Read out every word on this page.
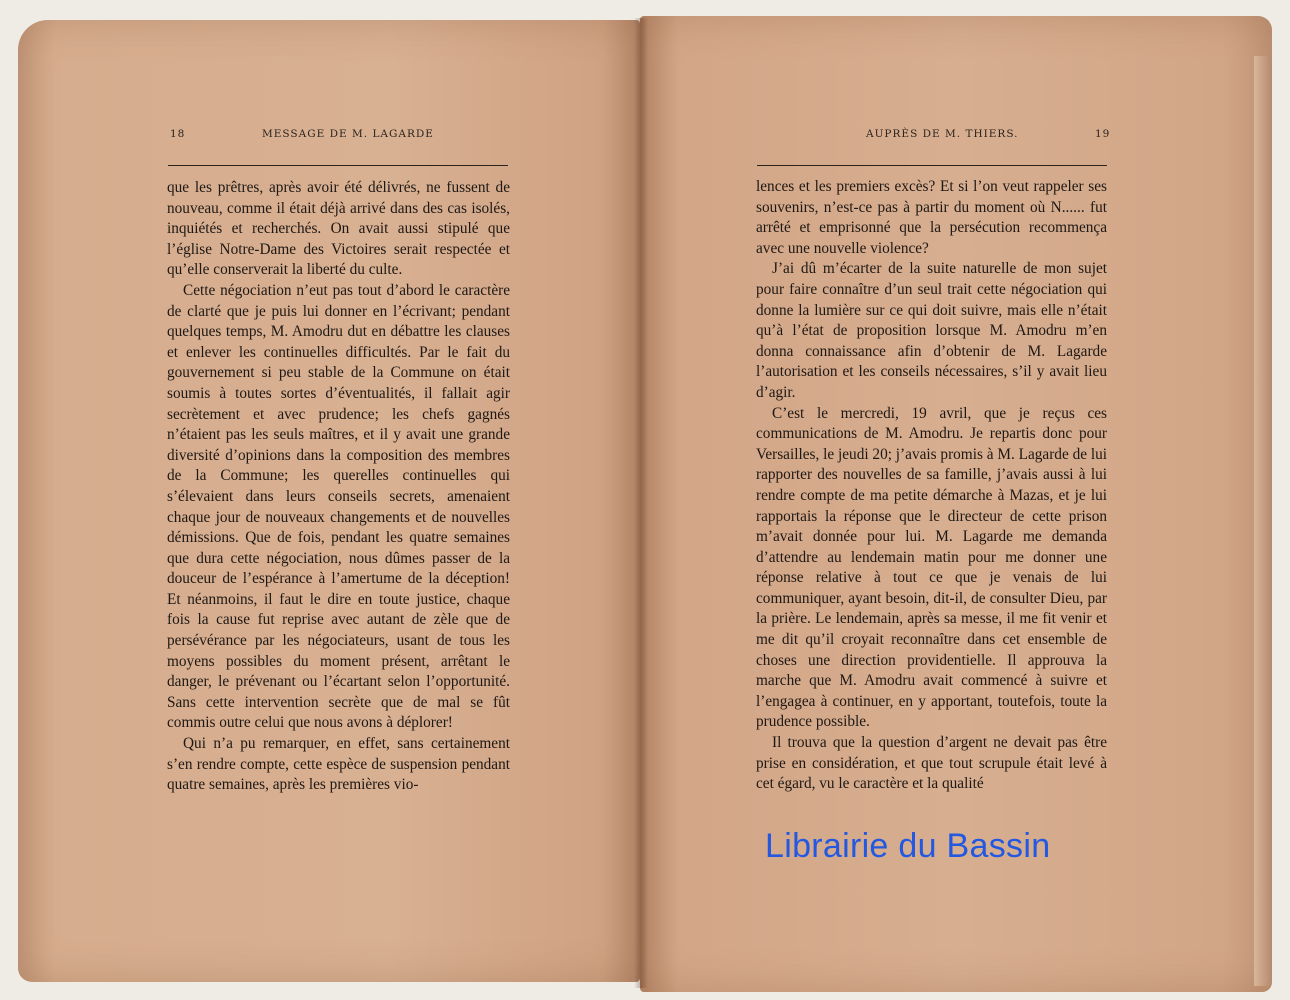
18	MESSAGE DE M. LAGARDE

que les prêtres, après avoir été délivrés, ne fussent de nouveau, comme il était déjà arrivé dans des cas isolés, inquiétés et recherchés. On avait aussi stipulé que l’église Notre-Dame des Victoires serait respectée et qu’elle conserverait la liberté du culte.

Cette négociation n’eut pas tout d’abord le caractère de clarté que je puis lui donner en l’écrivant; pendant quelques temps, M. Amodru dut en débattre les clauses et enlever les continuelles difficultés. Par le fait du gouvernement si peu stable de la Commune on était soumis à toutes sortes d’éventualités, il fallait agir secrètement et avec prudence; les chefs gagnés n’étaient pas les seuls maîtres, et il y avait une grande diversité d’opinions dans la composition des membres de la Commune; les querelles continuelles qui s’élevaient dans leurs conseils secrets, amenaient chaque jour de nouveaux changements et de nouvelles démissions. Que de fois, pendant les quatre semaines que dura cette négociation, nous dûmes passer de la douceur de l’espérance à l’amertume de la déception! Et néanmoins, il faut le dire en toute justice, chaque fois la cause fut reprise avec autant de zèle que de persévérance par les négociateurs, usant de tous les moyens possibles du moment présent, arrêtant le danger, le prévenant ou l’écartant selon l’opportunité. Sans cette intervention secrète que de mal se fût commis outre celui que nous avons à déplorer!

Qui n’a pu remarquer, en effet, sans certainement s’en rendre compte, cette espèce de suspension pendant quatre semaines, après les premières vio-

AUPRÈS DE M. THIERS.	19

lences et les premiers excès? Et si l’on veut rappeler ses souvenirs, n’est-ce pas à partir du moment où N...... fut arrêté et emprisonné que la persécution recommença avec une nouvelle violence?

J’ai dû m’écarter de la suite naturelle de mon sujet pour faire connaître d’un seul trait cette négociation qui donne la lumière sur ce qui doit suivre, mais elle n’était qu’à l’état de proposition lorsque M. Amodru m’en donna connaissance afin d’obtenir de M. Lagarde l’autorisation et les conseils nécessaires, s’il y avait lieu d’agir.

C’est le mercredi, 19 avril, que je reçus ces communications de M. Amodru. Je repartis donc pour Versailles, le jeudi 20; j’avais promis à M. Lagarde de lui rapporter des nouvelles de sa famille, j’avais aussi à lui rendre compte de ma petite démarche à Mazas, et je lui rapportais la réponse que le directeur de cette prison m’avait donnée pour lui. M. Lagarde me demanda d’attendre au lendemain matin pour me donner une réponse relative à tout ce que je venais de lui communiquer, ayant besoin, dit-il, de consulter Dieu, par la prière. Le lendemain, après sa messe, il me fit venir et me dit qu’il croyait reconnaître dans cet ensemble de choses une direction providentielle. Il approuva la marche que M. Amodru avait commencé à suivre et l’engagea à continuer, en y apportant, toutefois, toute la prudence possible.

Il trouva que la question d’argent ne devait pas être prise en considération, et que tout scrupule était levé à cet égard, vu le caractère et la qualité

Librairie du Bassin
